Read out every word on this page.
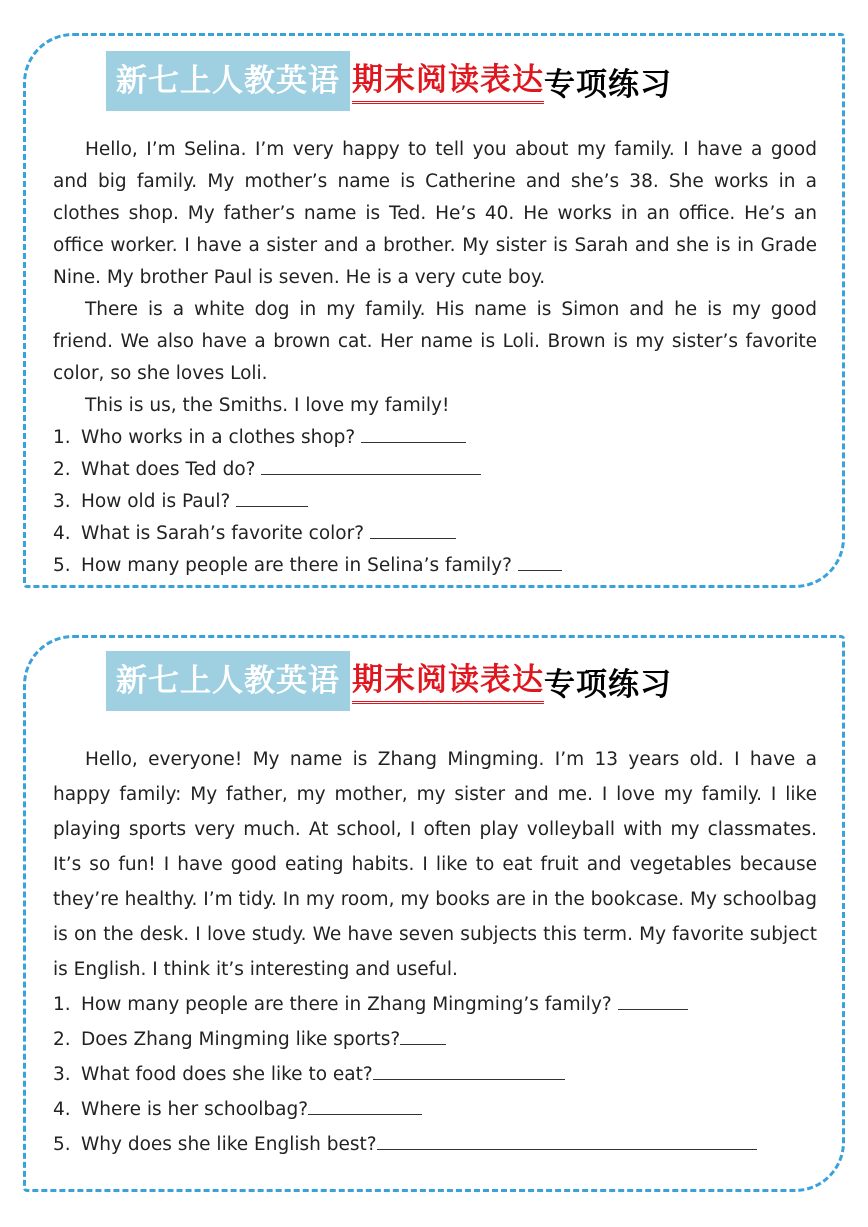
新七上人教英语 期末阅读表达 专项练习

Hello, I’m Selina. I’m very happy to tell you about my family. I have a good and big family. My mother’s name is Catherine and she’s 38. She works in a clothes shop. My father’s name is Ted. He’s 40. He works in an office. He’s an office worker. I have a sister and a brother. My sister is Sarah and she is in Grade Nine. My brother Paul is seven. He is a very cute boy.

There is a white dog in my family. His name is Simon and he is my good friend. We also have a brown cat. Her name is Loli. Brown is my sister’s favorite color, so she loves Loli.

This is us, the Smiths. I love my family!

1. Who works in a clothes shop?

2. What does Ted do?

3. How old is Paul?

4. What is Sarah’s favorite color?

5. How many people are there in Selina’s family?

新七上人教英语 期末阅读表达 专项练习

Hello, everyone! My name is Zhang Mingming. I’m 13 years old. I have a happy family: My father, my mother, my sister and me. I love my family. I like playing sports very much. At school, I often play volleyball with my classmates. It’s so fun! I have good eating habits. I like to eat fruit and vegetables because they’re healthy. I’m tidy. In my room, my books are in the bookcase. My schoolbag is on the desk. I love study. We have seven subjects this term. My favorite subject is English. I think it’s interesting and useful.

1. How many people are there in Zhang Mingming’s family?

2. Does Zhang Mingming like sports?

3. What food does she like to eat?

4. Where is her schoolbag?

5. Why does she like English best?
